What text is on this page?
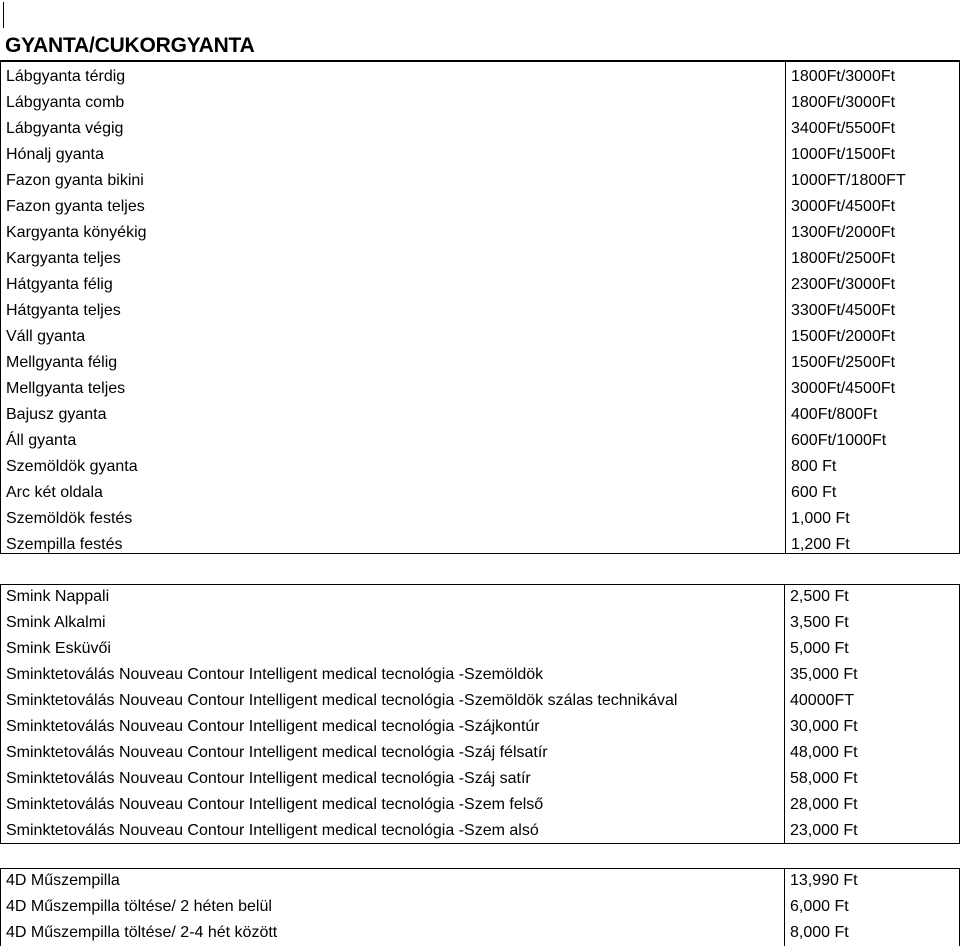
GYANTA/CUKORGYANTA
Lábgyanta térdig	1800Ft/3000Ft
Lábgyanta comb	1800Ft/3000Ft
Lábgyanta végig	3400Ft/5500Ft
Hónalj gyanta	1000Ft/1500Ft
Fazon gyanta bikini	1000FT/1800FT
Fazon gyanta teljes	3000Ft/4500Ft
Kargyanta könyékig	1300Ft/2000Ft
Kargyanta teljes	1800Ft/2500Ft
Hátgyanta félig	2300Ft/3000Ft
Hátgyanta teljes	3300Ft/4500Ft
Váll gyanta	1500Ft/2000Ft
Mellgyanta félig	1500Ft/2500Ft
Mellgyanta teljes	3000Ft/4500Ft
Bajusz gyanta	400Ft/800Ft
Áll gyanta	600Ft/1000Ft
Szemöldök gyanta	800 Ft
Arc két oldala	600 Ft
Szemöldök festés	1,000 Ft
Szempilla festés	1,200 Ft
Smink Nappali	2,500 Ft
Smink Alkalmi	3,500 Ft
Smink Esküvői	5,000 Ft
Sminktetoválás Nouveau Contour Intelligent medical tecnológia -Szemöldök	35,000 Ft
Sminktetoválás Nouveau Contour Intelligent medical tecnológia -Szemöldök szálas technikával	40000FT
Sminktetoválás Nouveau Contour Intelligent medical tecnológia -Szájkontúr	30,000 Ft
Sminktetoválás Nouveau Contour Intelligent medical tecnológia -Száj félsatír	48,000 Ft
Sminktetoválás Nouveau Contour Intelligent medical tecnológia -Száj satír	58,000 Ft
Sminktetoválás Nouveau Contour Intelligent medical tecnológia -Szem felső	28,000 Ft
Sminktetoválás Nouveau Contour Intelligent medical tecnológia -Szem alsó	23,000 Ft
4D Műszempilla	13,990 Ft
4D Műszempilla töltése/ 2 héten belül	6,000 Ft
4D Műszempilla töltése/ 2-4 hét között	8,000 Ft
